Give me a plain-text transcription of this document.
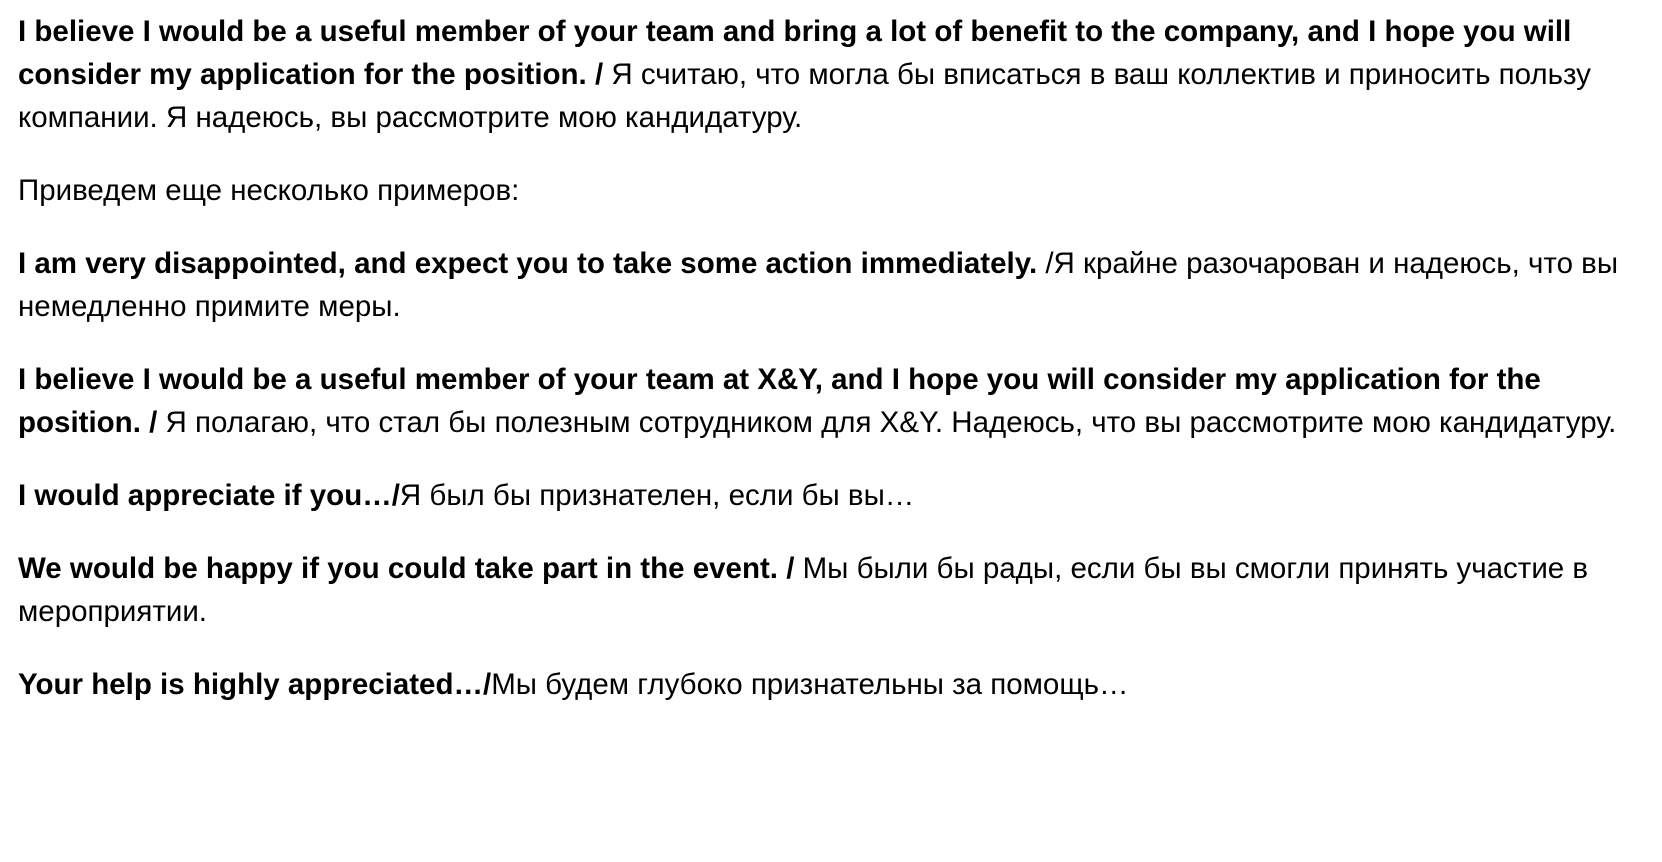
I believe I would be a useful member of your team and bring a lot of benefit to the company, and I hope you will consider my application for the position. / Я считаю, что могла бы вписаться в ваш коллектив и приносить пользу компании. Я надеюсь, вы рассмотрите мою кандидатуру.

Приведем еще несколько примеров:

I am very disappointed, and expect you to take some action immediately. /Я крайне разочарован и надеюсь, что вы немедленно примите меры.

I believe I would be a useful member of your team at X&Y, and I hope you will consider my application for the position. / Я полагаю, что стал бы полезным сотрудником для X&Y. Надеюсь, что вы рассмотрите мою кандидатуру.

I would appreciate if you…/Я был бы признателен, если бы вы…

We would be happy if you could take part in the event. / Мы были бы рады, если бы вы смогли принять участие в мероприятии.

Your help is highly appreciated…/Мы будем глубоко признательны за помощь…
